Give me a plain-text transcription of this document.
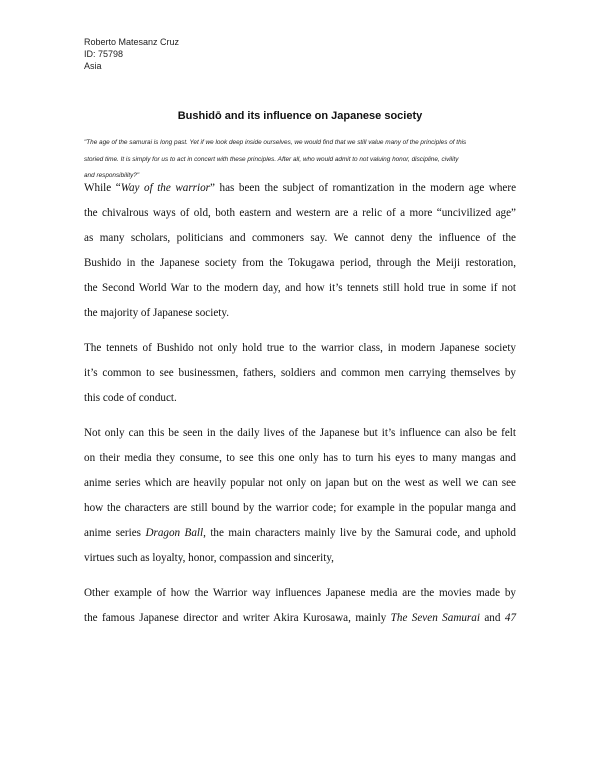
Roberto Matesanz Cruz
ID: 75798
Asia
Bushidō and its influence on Japanese society
"The age of the samurai is long past. Yet if we look deep inside ourselves, we would find that we still value many of the principles of this
storied time. It is simply for us to act in concert with these principles. After all, who would admit to not valuing honor, discipline, civility
and responsibility?"

While “Way of the warrior” has been the subject of romantization in the modern age where
the chivalrous ways of old, both eastern and western are a relic of a more “uncivilized age”
as many scholars, politicians and commoners say. We cannot deny the influence of the
Bushido in the Japanese society from the Tokugawa period, through the Meiji restoration,
the Second World War to the modern day, and how it’s tennets still hold true in some if not
the majority of Japanese society.

The tennets of Bushido not only hold true to the warrior class, in modern Japanese society
it’s common to see businessmen, fathers, soldiers and common men carrying themselves by
this code of conduct.

Not only can this be seen in the daily lives of the Japanese but it’s influence can also be felt
on their media they consume, to see this one only has to turn his eyes to many mangas and
anime series which are heavily popular not only on japan but on the west as well we can see
how the characters are still bound by the warrior code; for example in the popular manga and
anime series Dragon Ball, the main characters mainly live by the Samurai code, and uphold
virtues such as loyalty, honor, compassion and sincerity,

Other example of how the Warrior way influences Japanese media are the movies made by
the famous Japanese director and writer Akira Kurosawa, mainly The Seven Samurai and 47
